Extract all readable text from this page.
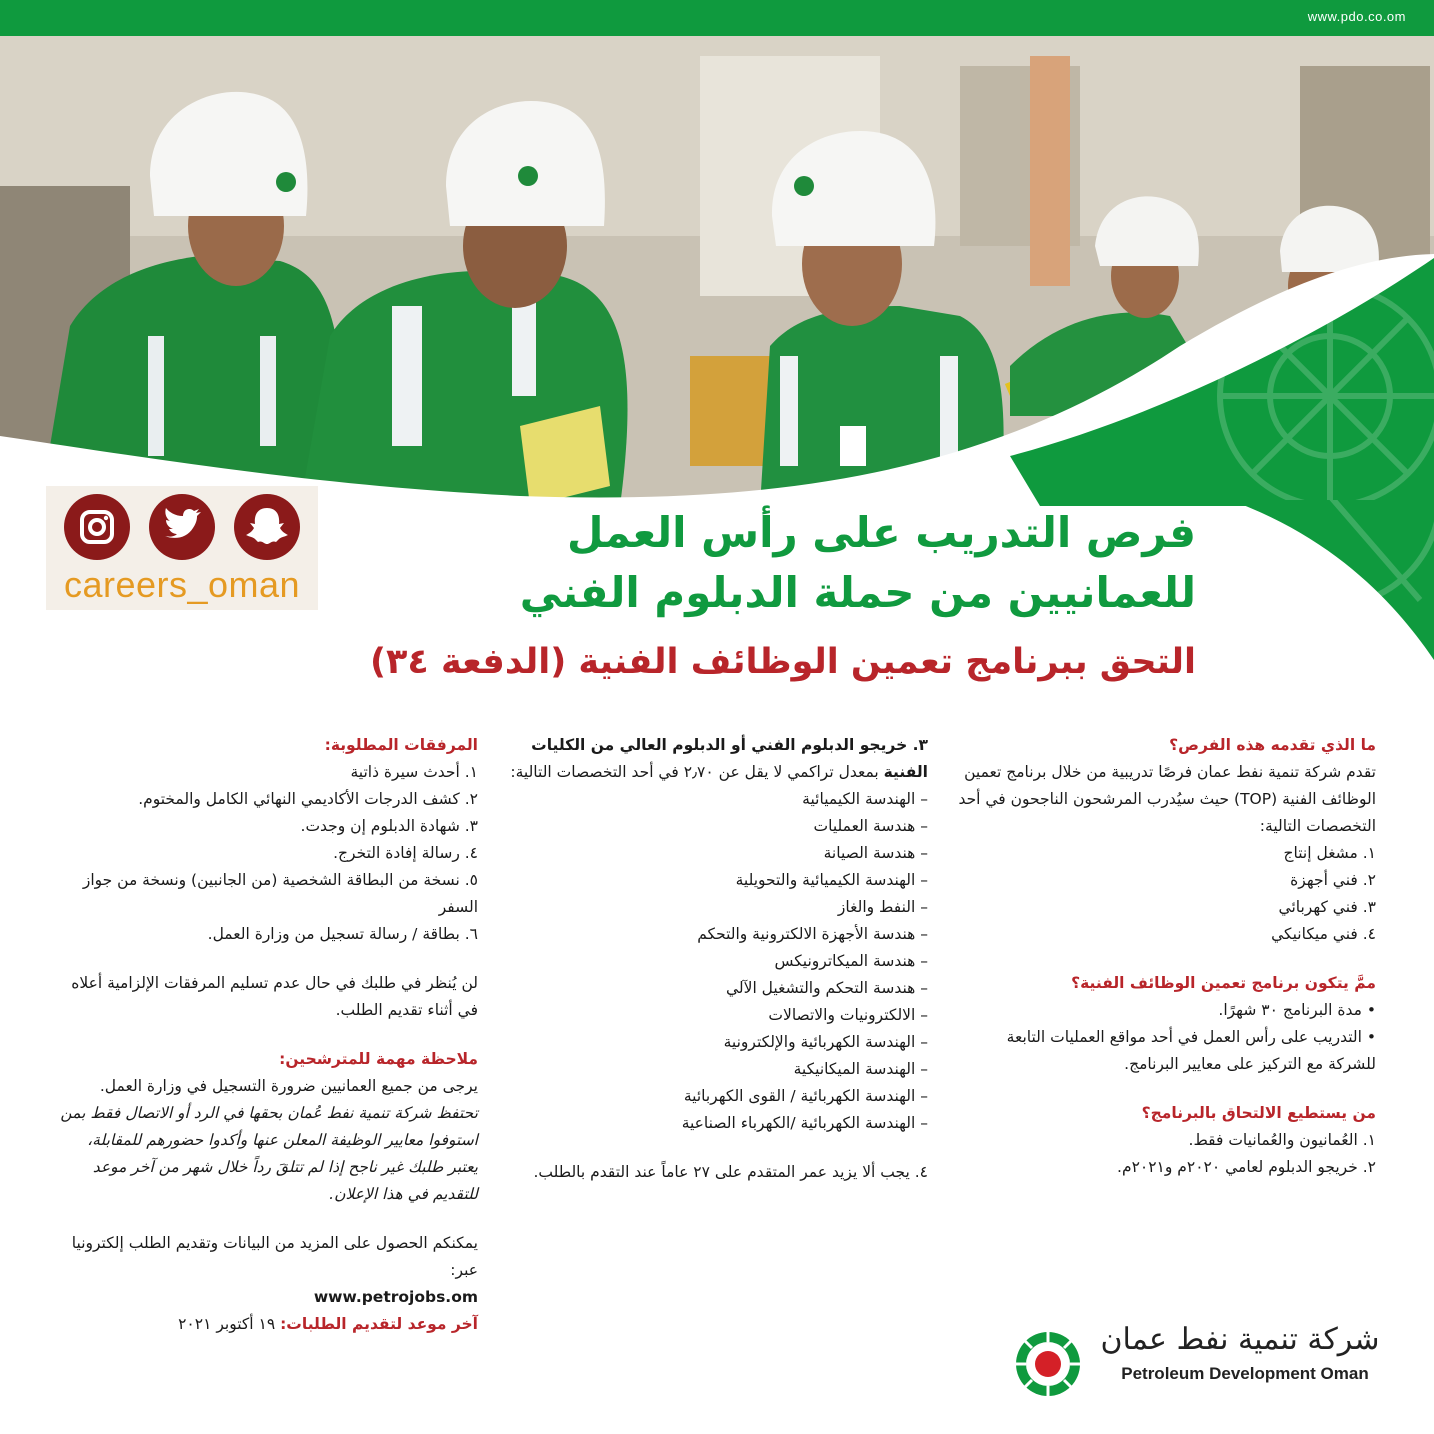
www.pdo.co.om
careers_oman
فرص التدريب على رأس العمل
للعمانيين من حملة الدبلوم الفني
التحق ببرنامج تعمين الوظائف الفنية (الدفعة ٣٤)
ما الذي تقدمه هذه الفرص؟
تقدم شركة تنمية نفط عمان فرصًا تدريبية من خلال برنامج تعمين الوظائف الفنية (TOP) حيث سيُدرب المرشحون الناجحون في أحد التخصصات التالية:
١. مشغل إنتاج
٢. فني أجهزة
٣. فني كهربائي
٤. فني ميكانيكي
ممَّ يتكون برنامج تعمين الوظائف الفنية؟
• مدة البرنامج ٣٠ شهرًا.
• التدريب على رأس العمل في أحد مواقع العمليات التابعة للشركة مع التركيز على معايير البرنامج.
من يستطيع الالتحاق بالبرنامج؟
١. العُمانيون والعُمانيات فقط.
٢. خريجو الدبلوم لعامي ٢٠٢٠م و٢٠٢١م.
٣. خريجو الدبلوم الفني أو الدبلوم العالي من الكليات الفنية بمعدل تراكمي لا يقل عن ٢٫٧٠ في أحد التخصصات التالية:
– الهندسة الكيميائية
– هندسة العمليات
– هندسة الصيانة
– الهندسة الكيميائية والتحويلية
– النفط والغاز
– هندسة الأجهزة الالكترونية والتحكم
– هندسة الميكاترونيكس
– هندسة التحكم والتشغيل الآلي
– الالكترونيات والاتصالات
– الهندسة الكهربائية والإلكترونية
– الهندسة الميكانيكية
– الهندسة الكهربائية / القوى الكهربائية
– الهندسة الكهربائية /الكهرباء الصناعية
٤. يجب ألا يزيد عمر المتقدم على ٢٧ عاماً عند التقدم بالطلب.
المرفقات المطلوبة:
١. أحدث سيرة ذاتية
٢. كشف الدرجات الأكاديمي النهائي الكامل والمختوم.
٣. شهادة الدبلوم إن وجدت.
٤. رسالة إفادة التخرج.
٥. نسخة من البطاقة الشخصية (من الجانبين) ونسخة من جواز السفر
٦. بطاقة / رسالة تسجيل من وزارة العمل.
لن يُنظر في طلبك في حال عدم تسليم المرفقات الإلزامية أعلاه في أثناء تقديم الطلب.
ملاحظة مهمة للمترشحين:
يرجى من جميع العمانيين ضرورة التسجيل في وزارة العمل.
تحتفظ شركة تنمية نفط عُمان بحقها في الرد أو الاتصال فقط بمن استوفوا معايير الوظيفة المعلن عنها وأكدوا حضورهم للمقابلة، يعتبر طلبك غير ناجح إذا لم تتلقَ رداً خلال شهر من آخر موعد للتقديم في هذا الإعلان.
يمكنكم الحصول على المزيد من البيانات وتقديم الطلب إلكترونيا عبر:
www.petrojobs.om
آخر موعد لتقديم الطلبات: ١٩ أكتوبر ٢٠٢١	شركة تنمية نفط عمان
Petroleum Development Oman
